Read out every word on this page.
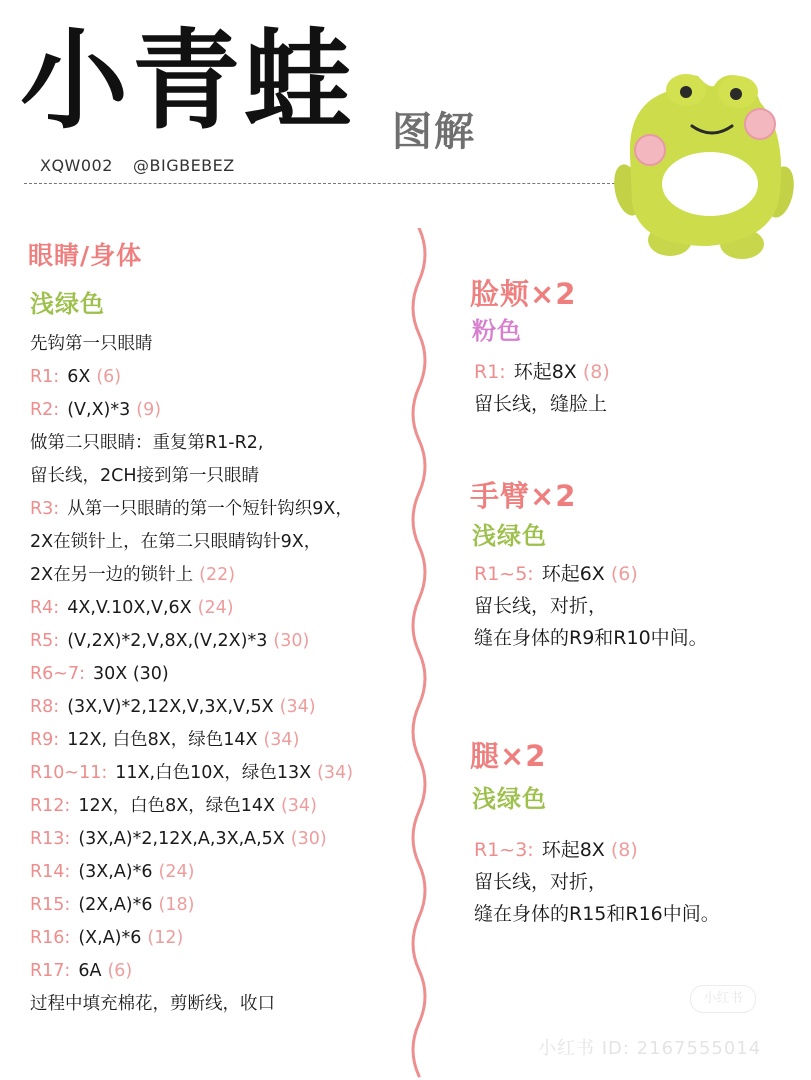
小青蛙 图解
XQW002 @BIGBEBEZ
眼睛/身体
浅绿色
先钩第一只眼睛
R1: 6X (6)
R2: (V,X)*3 (9)
做第二只眼睛：重复第R1-R2,
留长线，2CH接到第一只眼睛
R3: 从第一只眼睛的第一个短针钩织9X，
2X在锁针上，在第二只眼睛钩针9X，
2X在另一边的锁针上 (22)
R4: 4X,V.10X,V,6X (24)
R5: (V,2X)*2,V,8X,(V,2X)*3 (30)
R6~7: 30X (30)
R8: (3X,V)*2,12X,V,3X,V,5X (34)
R9: 12X, 白色8X，绿色14X (34)
R10~11: 11X,白色10X，绿色13X (34)
R12: 12X，白色8X，绿色14X (34)
R13: (3X,A)*2,12X,A,3X,A,5X (30)
R14: (3X,A)*6 (24)
R15: (2X,A)*6 (18)
R16: (X,A)*6 (12)
R17: 6A (6)
过程中填充棉花，剪断线，收口
脸颊×2
粉色
R1: 环起8X (8)
留长线，缝脸上
手臂×2
浅绿色
R1~5: 环起6X (6)
留长线，对折，
缝在身体的R9和R10中间。
腿×2
浅绿色
R1~3: 环起8X (8)
留长线，对折，
缝在身体的R15和R16中间。
小红书
小红书 ID: 2167555014
